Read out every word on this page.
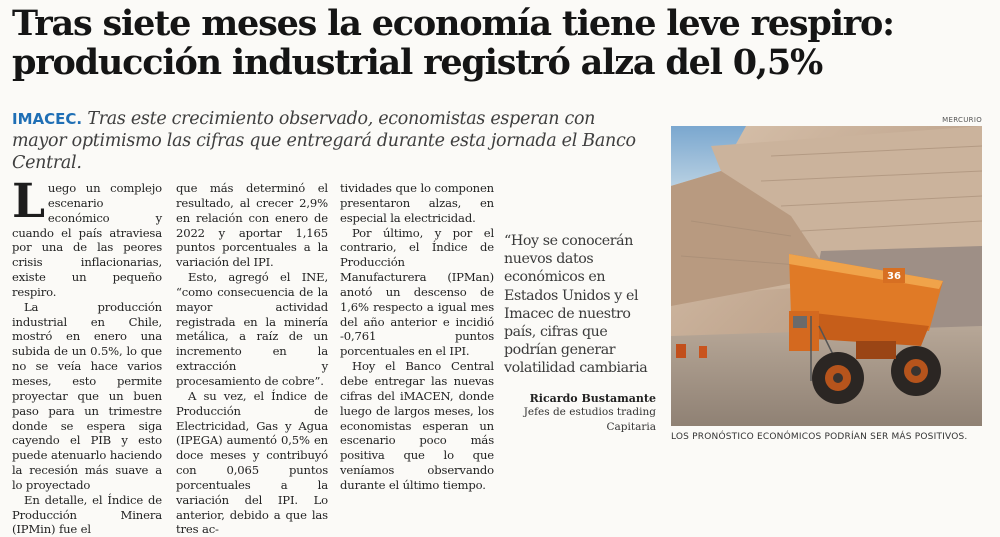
Tras siete meses la economía tiene leve respiro:
producción industrial registró alza del 0,5%

IMACEC. Tras este crecimiento observado, economistas esperan con mayor optimismo las cifras que entregará durante esta jornada el Banco Central.

Luego un complejo escenario económico y cuando el país atraviesa por una de las peores crisis inflacionarias, existe un pequeño respiro.

La producción industrial en Chile, mostró en enero una subida de un 0.5%, lo que no se veía hace varios meses, esto permite proyectar que un buen paso para un trimestre donde se espera siga cayendo el PIB y esto puede atenuarlo haciendo la recesión más suave a lo proyectado

En detalle, el Índice de Producción Minera (IPMin) fue el

que más determinó el resultado, al crecer 2,9% en relación con enero de 2022 y aportar 1,165 puntos porcentuales a la variación del IPI.

Esto, agregó el INE, “como consecuencia de la mayor actividad registrada en la minería metálica, a raíz de un incremento en la extracción y procesamiento de cobre”.

A su vez, el Índice de Producción de Electricidad, Gas y Agua (IPEGA) aumentó 0,5% en doce meses y contribuyó con 0,065 puntos porcentuales a la variación del IPI. Lo anterior, debido a que las tres ac-

tividades que lo componen presentaron alzas, en especial la electricidad.

Por último, y por el contrario, el Índice de Producción Manufacturera (IPMan) anotó un descenso de 1,6% respecto a igual mes del año anterior e incidió -0,761 puntos porcentuales en el IPI.

Hoy el Banco Central debe entregar las nuevas cifras del iMACEN, donde luego de largos meses, los economistas esperan un escenario poco más positiva que lo que veníamos observando durante el último tiempo.

“Hoy se conocerán nuevos datos económicos en Estados Unidos y el Imacec de nuestro país, cifras que podrían generar volatilidad cambiaria

Ricardo Bustamante
Jefes de estudios trading
Capitaria
MERCURIO
36
LOS PRONÓSTICO ECONÓMICOS PODRÍAN SER MÁS POSITIVOS.
